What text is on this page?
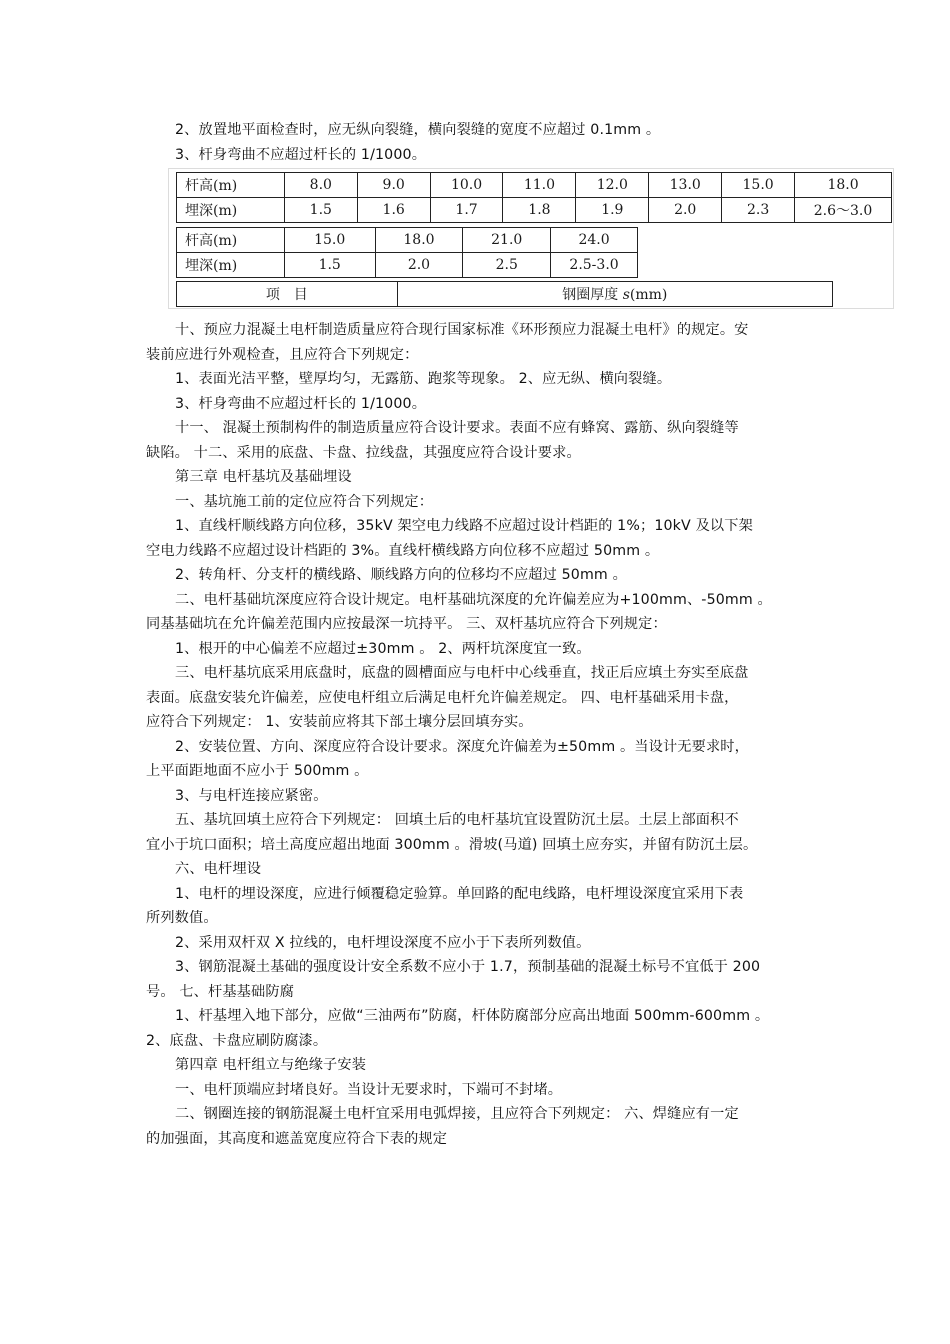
2、放置地平面检查时，应无纵向裂缝，横向裂缝的宽度不应超过 0.1mm 。

3、杆身弯曲不应超过杆长的 1/1000。

杆高(m)	8.0	9.0	10.0	11.0	12.0	13.0	15.0	18.0
埋深(m)	1.5	1.6	1.7	1.8	1.9	2.0	2.3	2.6～3.0
杆高(m)	15.0	18.0	21.0	24.0
埋深(m)	1.5	2.0	2.5	2.5-3.0
项　目	钢圈厚度 s(mm)

十、预应力混凝土电杆制造质量应符合现行国家标准《环形预应力混凝土电杆》的规定。安

装前应进行外观检查，且应符合下列规定：

1、表面光洁平整，壁厚均匀，无露筋、跑浆等现象。 2、应无纵、横向裂缝。

3、杆身弯曲不应超过杆长的 1/1000。

十一、 混凝土预制构件的制造质量应符合设计要求。表面不应有蜂窝、露筋、纵向裂缝等

缺陷。 十二、采用的底盘、卡盘、拉线盘，其强度应符合设计要求。

第三章 电杆基坑及基础埋设

一、基坑施工前的定位应符合下列规定：

1、直线杆顺线路方向位移，35kV 架空电力线路不应超过设计档距的 1%；10kV 及以下架

空电力线路不应超过设计档距的 3%。直线杆横线路方向位移不应超过 50mm 。

2、转角杆、分支杆的横线路、顺线路方向的位移均不应超过 50mm 。

二、电杆基础坑深度应符合设计规定。电杆基础坑深度的允许偏差应为+100mm、-50mm 。

同基基础坑在允许偏差范围内应按最深一坑持平。 三、双杆基坑应符合下列规定：

1、根开的中心偏差不应超过±30mm 。 2、两杆坑深度宜一致。

三、电杆基坑底采用底盘时，底盘的圆槽面应与电杆中心线垂直，找正后应填土夯实至底盘

表面。底盘安装允许偏差，应使电杆组立后满足电杆允许偏差规定。 四、电杆基础采用卡盘，

应符合下列规定： 1、安装前应将其下部土壤分层回填夯实。

2、安装位置、方向、深度应符合设计要求。深度允许偏差为±50mm 。当设计无要求时，

上平面距地面不应小于 500mm 。

3、与电杆连接应紧密。

五、基坑回填土应符合下列规定： 回填土后的电杆基坑宜设置防沉土层。土层上部面积不

宜小于坑口面积；培土高度应超出地面 300mm 。滑坡(马道) 回填土应夯实，并留有防沉土层。

六、电杆埋设

1、电杆的埋设深度，应进行倾覆稳定验算。单回路的配电线路，电杆埋设深度宜采用下表

所列数值。

2、采用双杆双 X 拉线的，电杆埋设深度不应小于下表所列数值。

3、钢筋混凝土基础的强度设计安全系数不应小于 1.7，预制基础的混凝土标号不宜低于 200

号。 七、杆基基础防腐

1、杆基埋入地下部分，应做“三油两布”防腐，杆体防腐部分应高出地面 500mm-600mm 。

2、底盘、卡盘应刷防腐漆。

第四章 电杆组立与绝缘子安装

一、电杆顶端应封堵良好。当设计无要求时，下端可不封堵。

二、钢圈连接的钢筋混凝土电杆宜采用电弧焊接，且应符合下列规定： 六、焊缝应有一定

的加强面，其高度和遮盖宽度应符合下表的规定
